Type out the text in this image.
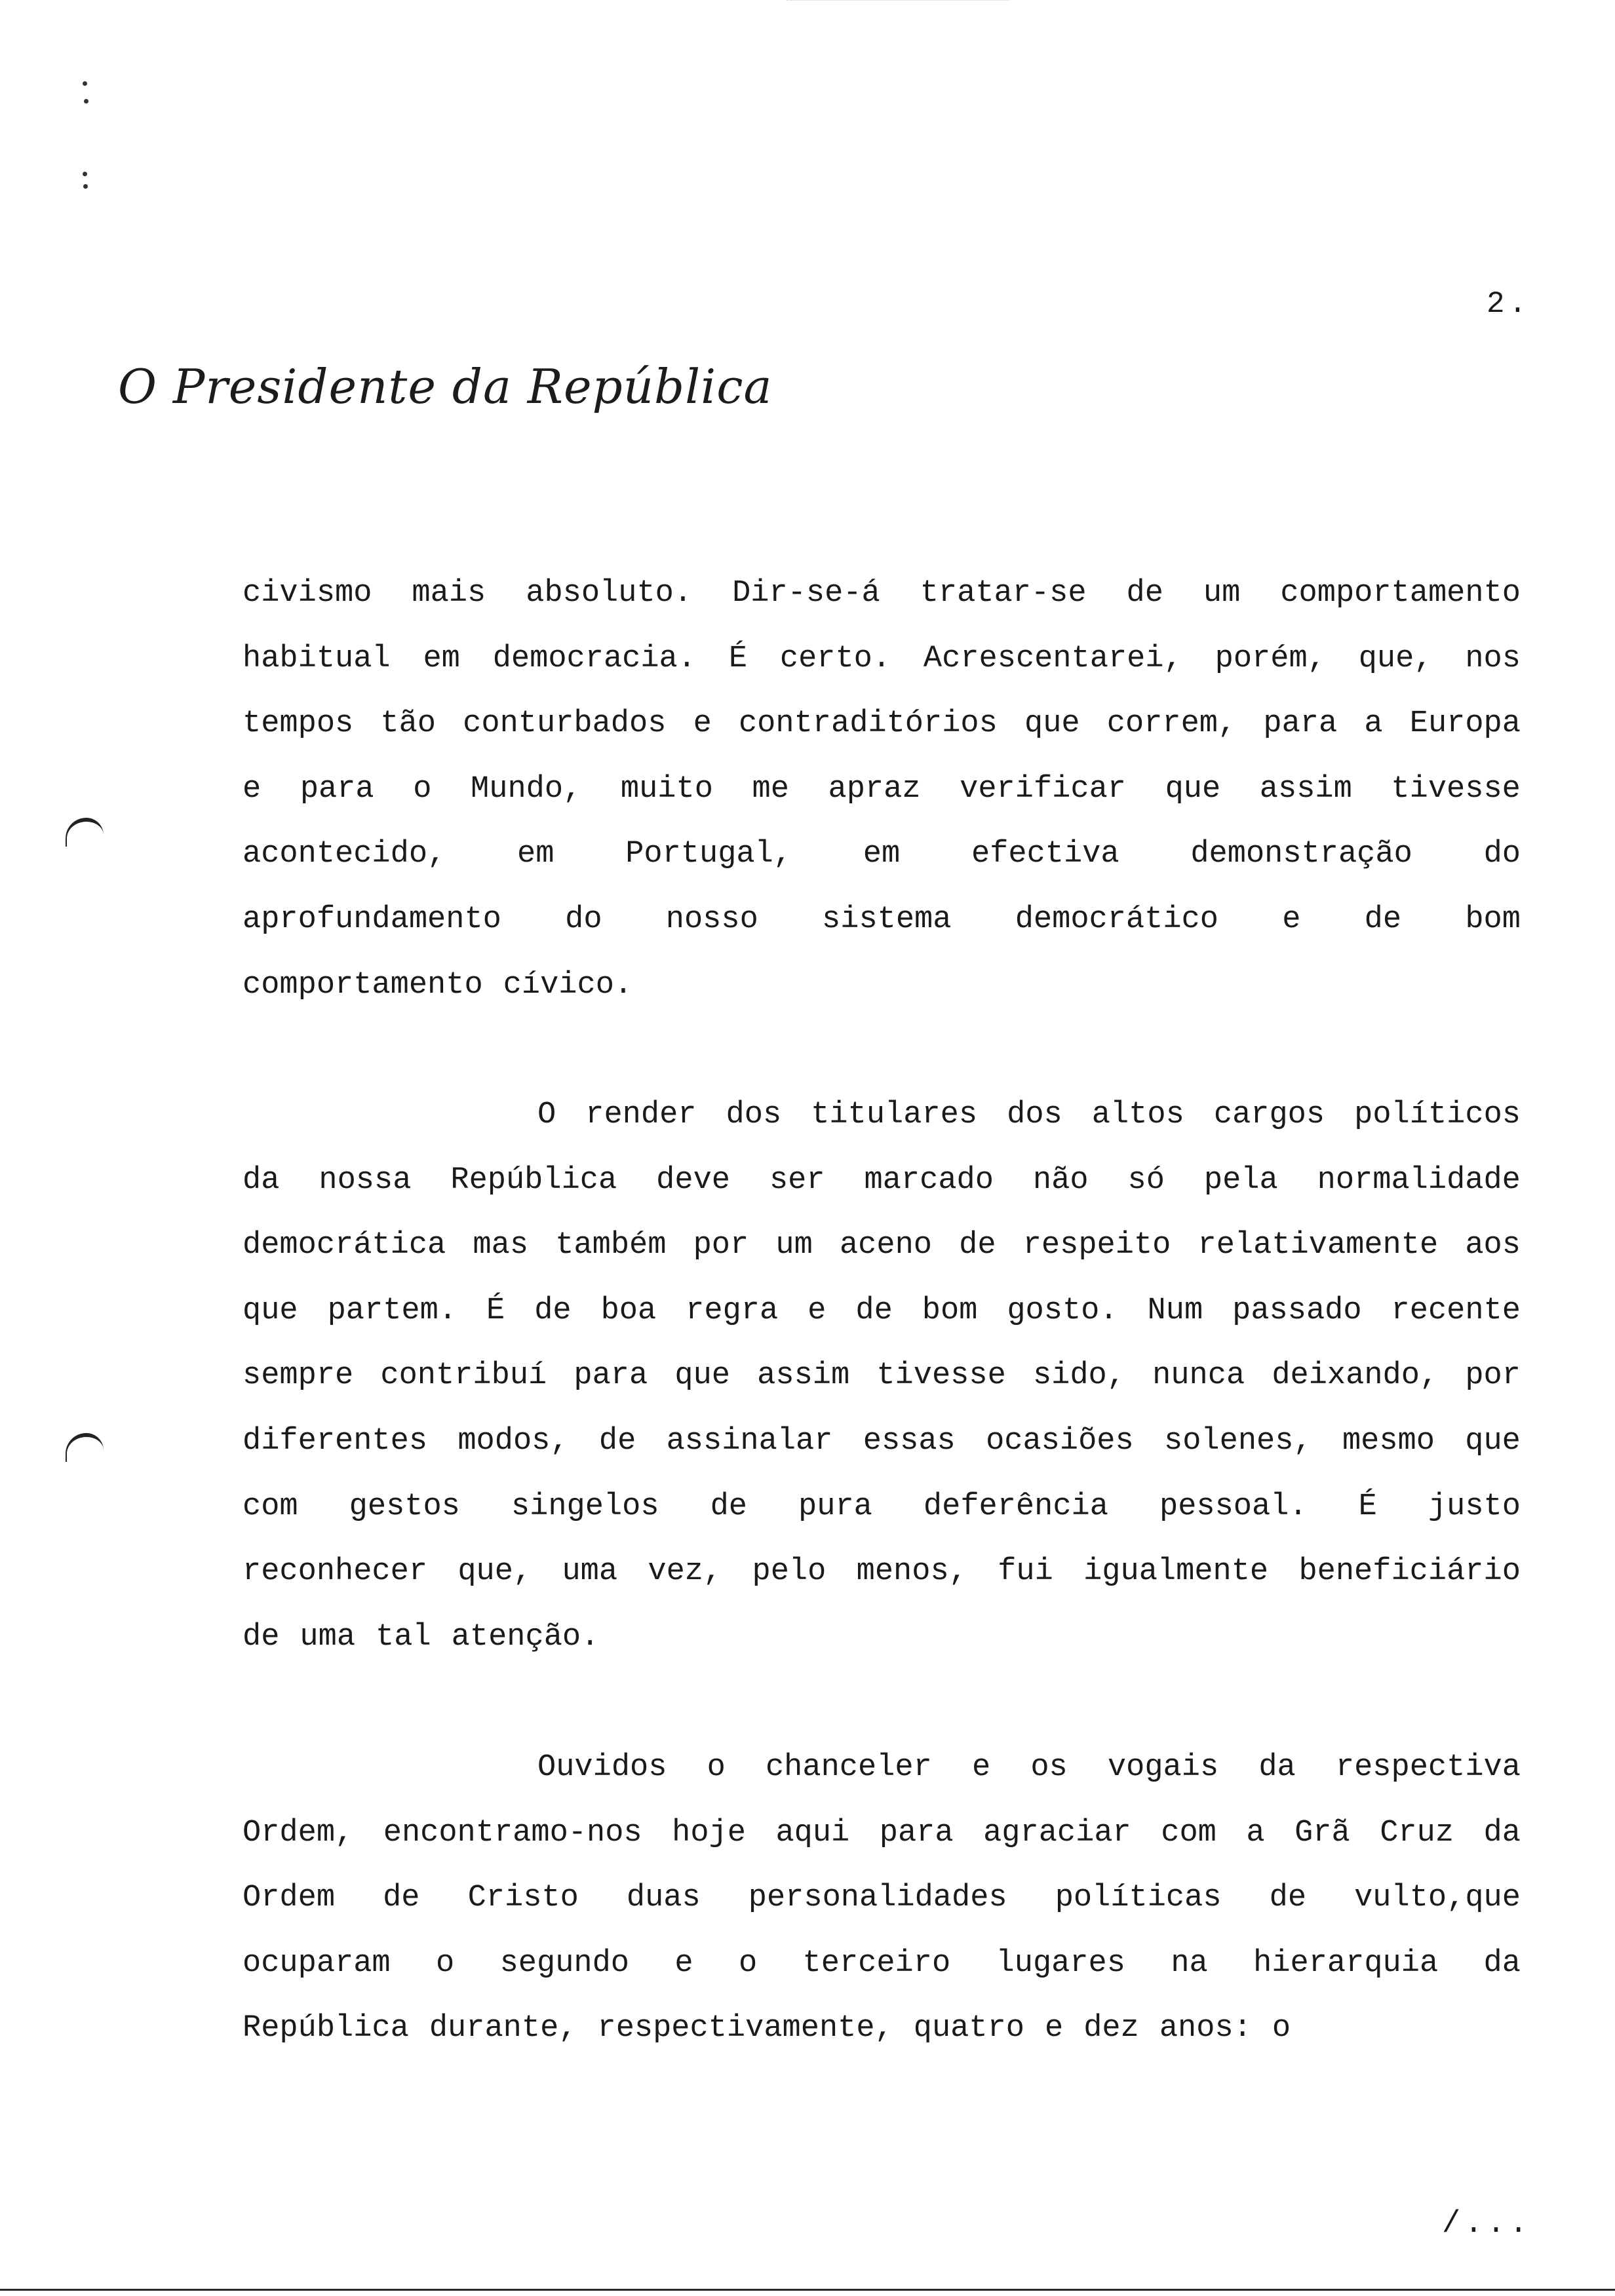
2.
O Presidente da República
civismo mais absoluto. Dir-se-á tratar-se de um comportamento
habitual em democracia. É certo. Acrescentarei, porém, que, nos
tempos tão conturbados e contraditórios que correm, para a Europa
e para o Mundo, muito me apraz verificar que assim tivesse
acontecido, em Portugal, em efectiva demonstração do
aprofundamento do nosso sistema democrático e de bom
comportamento cívico.
O render dos titulares dos altos cargos políticos
da nossa República deve ser marcado não só pela normalidade
democrática mas também por um aceno de respeito relativamente aos
que partem. É de boa regra e de bom gosto. Num passado recente
sempre contribuí para que assim tivesse sido, nunca deixando, por
diferentes modos, de assinalar essas ocasiões solenes, mesmo que
com gestos singelos de pura deferência pessoal. É justo
reconhecer que, uma vez, pelo menos, fui igualmente beneficiário
de uma tal atenção.
Ouvidos o chanceler e os vogais da respectiva
Ordem, encontramo-nos hoje aqui para agraciar com a Grã Cruz da
Ordem de Cristo duas personalidades políticas de vulto,que
ocuparam o segundo e o terceiro lugares na hierarquia da
República durante, respectivamente, quatro e dez anos: o
/...
